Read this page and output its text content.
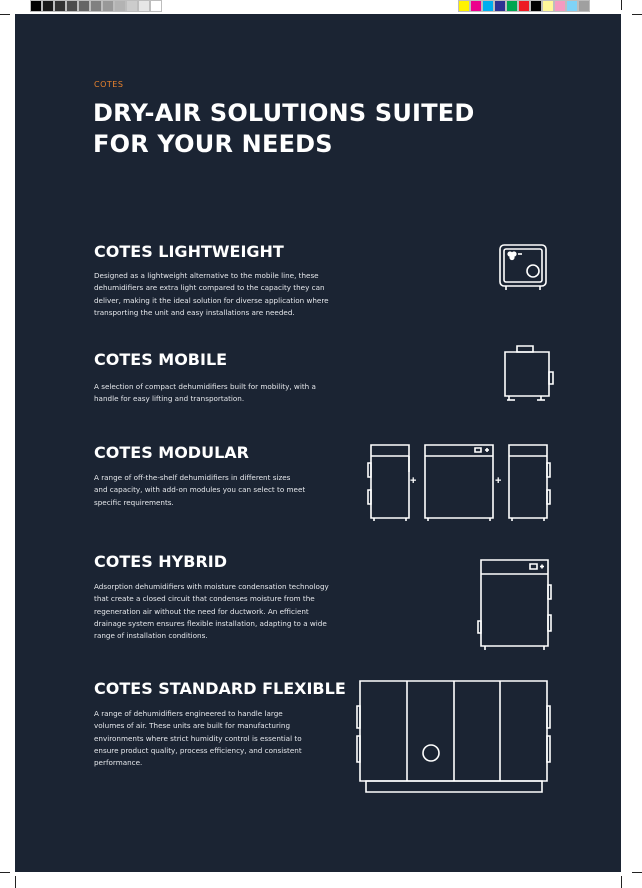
COTES
DRY-AIR SOLUTIONS SUITED
FOR YOUR NEEDS
COTES LIGHTWEIGHT
Designed as a lightweight alternative to the mobile line, these
dehumidifiers are extra light compared to the capacity they can
deliver, making it the ideal solution for diverse application where
transporting the unit and easy installations are needed.
COTES MOBILE
A selection of compact dehumidifiers built for mobility, with a
handle for easy lifting and transportation.
COTES MODULAR
A range of off-the-shelf dehumidifiers in different sizes
and capacity, with add-on modules you can select to meet
specific requirements.
+	+
COTES HYBRID
Adsorption dehumidifiers with moisture condensation technology
that create a closed circuit that condenses moisture from the
regeneration air without the need for ductwork. An efficient
drainage system ensures flexible installation, adapting to a wide
range of installation conditions.
COTES STANDARD FLEXIBLE
A range of dehumidifiers engineered to handle large
volumes of air. These units are built for manufacturing
environments where strict humidity control is essential to
ensure product quality, process efficiency, and consistent
performance.
